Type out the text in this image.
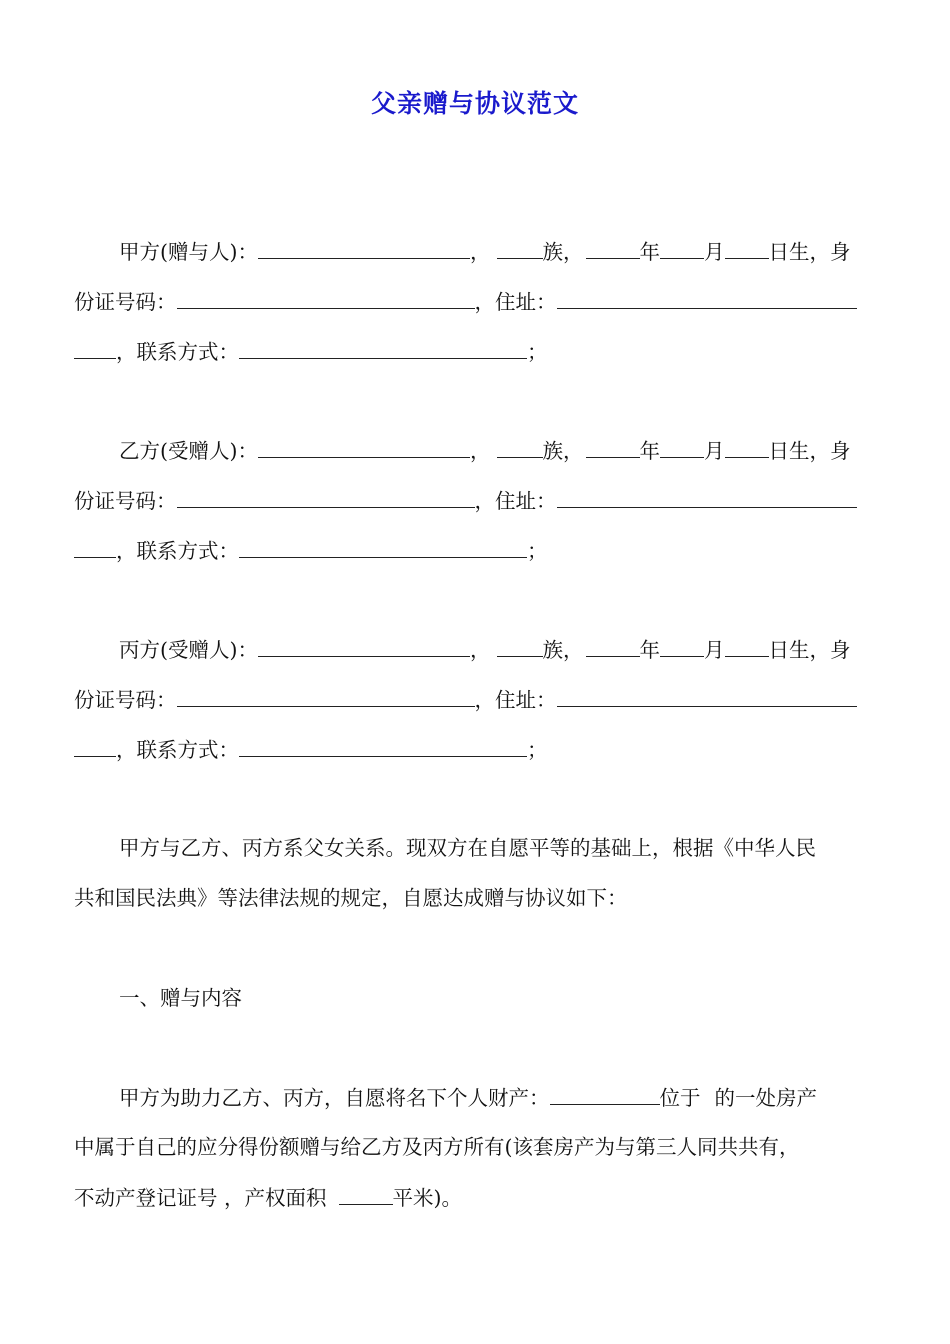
父亲赠与协议范文
甲方(赠与人)：	，	族，	年 月 日生，身
份证号码：	，住址：
，联系方式：	；
乙方(受赠人)：	，	族，	年 月 日生，身
份证号码：	，住址：
，联系方式：	；
丙方(受赠人)：	，	族，	年 月 日生，身
份证号码：	，住址：
，联系方式：	；
甲方与乙方、丙方系父女关系。现双方在自愿平等的基础上，根据《中华人民
共和国民法典》等法律法规的规定，自愿达成赠与协议如下：
一、赠与内容
甲方为助力乙方、丙方，自愿将名下个人财产：	位于 的一处房产
中属于自己的应分得份额赠与给乙方及丙方所有(该套房产为与第三人同共共有，
不动产登记证号 ，产权面积	平米)。
